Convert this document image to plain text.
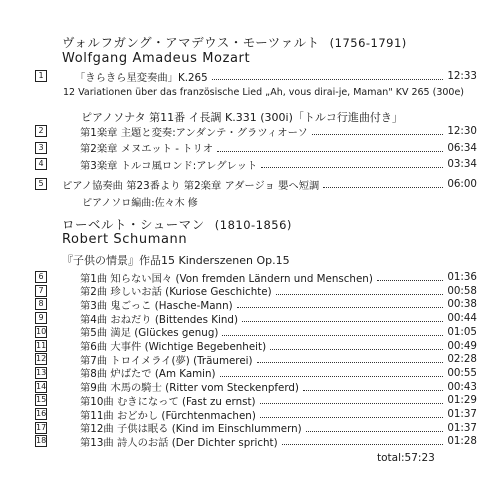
ヴォルフガング・アマデウス・モーツァルト (1756-1791)
Wolfgang Amadeus Mozart
1	「きらきら星変奏曲」K.265	12:33
12 Variationen über das französische Lied „Ah, vous dirai-je, Maman" KV 265 (300e)
ピアノソナタ 第11番 イ長調 K.331 (300i)「トルコ行進曲付き」
2	第1楽章 主題と変奏:アンダンテ・グラツィオーソ	12:30
3	第2楽章 メヌエット - トリオ	06:34
4	第3楽章 トルコ風ロンド:アレグレット	03:34
5	ピアノ協奏曲 第23番より 第2楽章 アダージョ 嬰ヘ短調	06:00
ピアノソロ編曲:佐々木 修
ローベルト・シューマン (1810-1856)
Robert Schumann
『子供の情景』作品15 Kinderszenen Op.15
6	第1曲 知らない国々 (Von fremden Ländern und Menschen)	01:36
7	第2曲 珍しいお話 (Kuriose Geschichte)	00:58
8	第3曲 鬼ごっこ (Hasche-Mann)	00:38
9	第4曲 おねだり (Bittendes Kind)	00:44
10	第5曲 満足 (Glückes genug)	01:05
11	第6曲 大事件 (Wichtige Begebenheit)	00:49
12	第7曲 トロイメライ(夢) (Träumerei)	02:28
13	第8曲 炉ばたで (Am Kamin)	00:55
14	第9曲 木馬の騎士 (Ritter vom Steckenpferd)	00:43
15	第10曲 むきになって (Fast zu ernst)	01:29
16	第11曲 おどかし (Fürchtenmachen)	01:37
17	第12曲 子供は眠る (Kind im Einschlummern)	01:37
18	第13曲 詩人のお話 (Der Dichter spricht)	01:28
total:57:23
